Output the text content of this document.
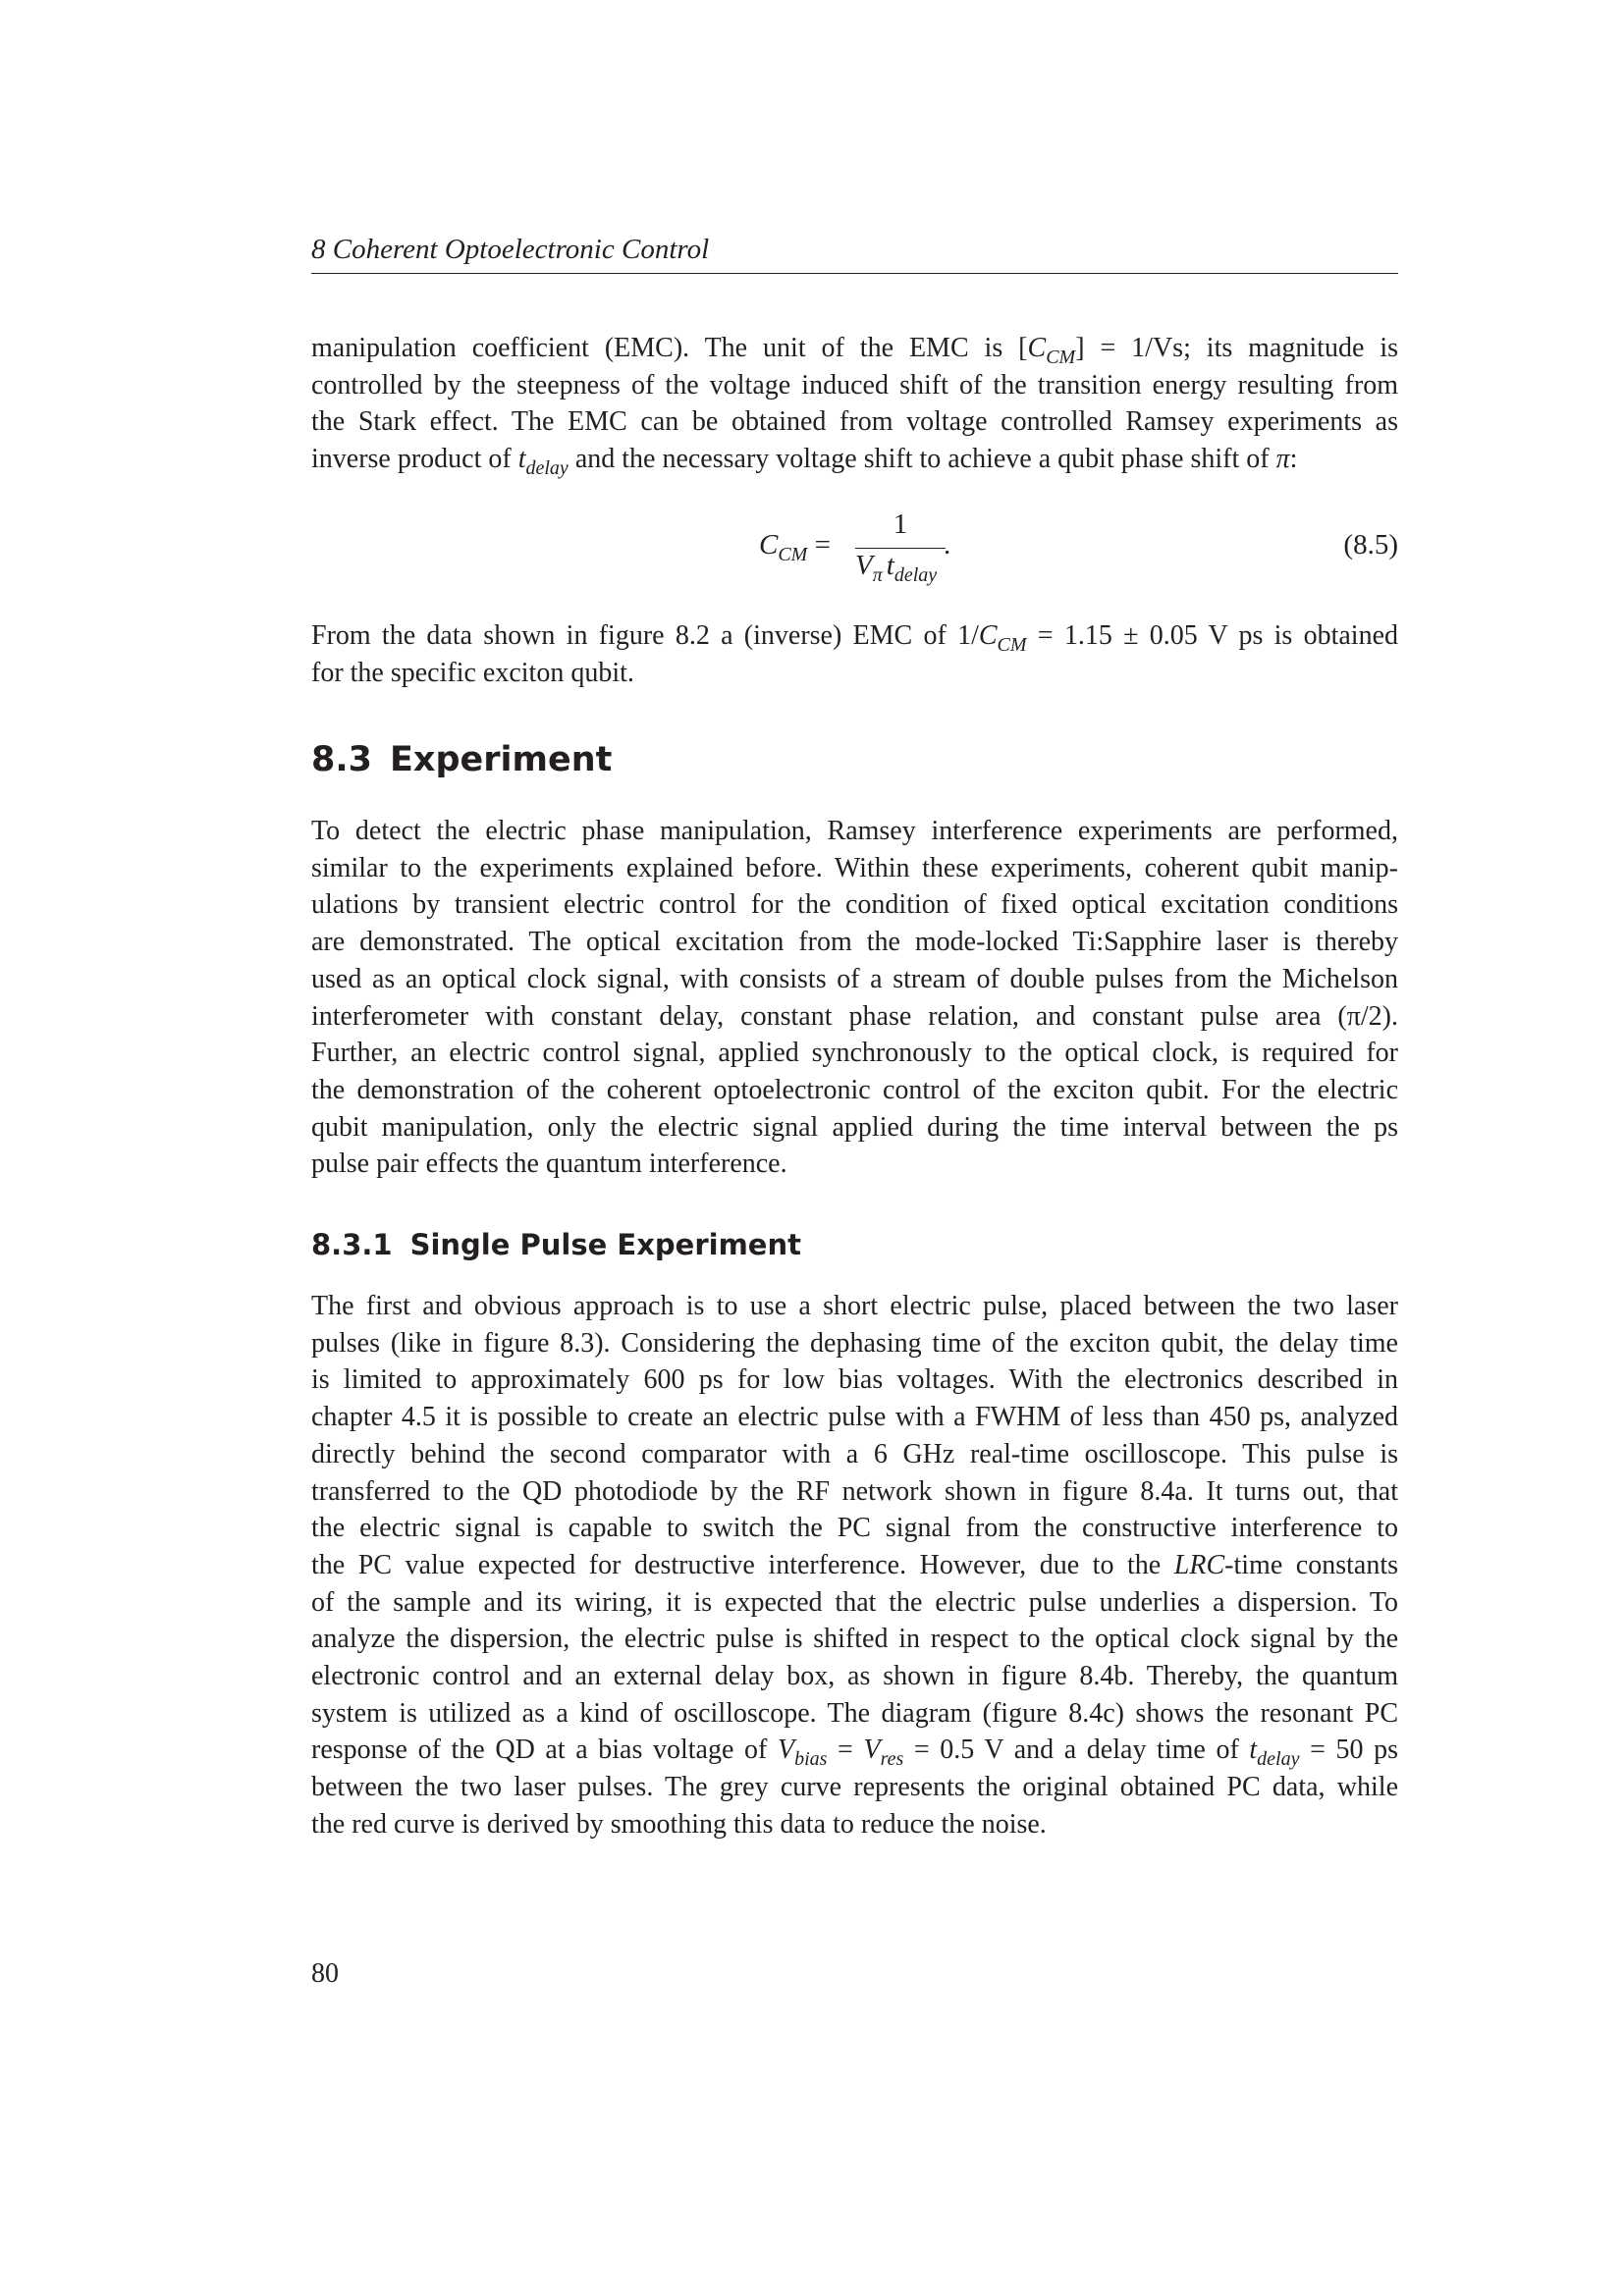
8 Coherent Optoelectronic Control
manipulation coefficient (EMC). The unit of the EMC is $[C_{CM}] = 1/Vs$; its magnitude is
controlled by the steepness of the voltage induced shift of the transition energy resulting from
the Stark effect. The EMC can be obtained from voltage controlled Ramsey experiments as
inverse product of $t_{delay}$ and the necessary voltage shift to achieve a qubit phase shift of π:
$C_{CM}$ =
1
$V_\pi$ $t_{delay}$
.	(8.5)
From the data shown in figure 8.2 a (inverse) EMC of $1/C_{CM} = 1.15 \pm 0.05$ V ps is obtained
for the specific exciton qubit.
8.3 Experiment
To detect the electric phase manipulation, Ramsey interference experiments are performed,
similar to the experiments explained before. Within these experiments, coherent qubit manip-
ulations by transient electric control for the condition of fixed optical excitation conditions
are demonstrated. The optical excitation from the mode-locked Ti:Sapphire laser is thereby
used as an optical clock signal, with consists of a stream of double pulses from the Michelson
interferometer with constant delay, constant phase relation, and constant pulse area (π/2).
Further, an electric control signal, applied synchronously to the optical clock, is required for
the demonstration of the coherent optoelectronic control of the exciton qubit. For the electric
qubit manipulation, only the electric signal applied during the time interval between the ps
pulse pair effects the quantum interference.
8.3.1 Single Pulse Experiment
The first and obvious approach is to use a short electric pulse, placed between the two laser
pulses (like in figure 8.3). Considering the dephasing time of the exciton qubit, the delay time
is limited to approximately 600 ps for low bias voltages. With the electronics described in
chapter 4.5 it is possible to create an electric pulse with a FWHM of less than 450 ps, analyzed
directly behind the second comparator with a 6 GHz real-time oscilloscope. This pulse is
transferred to the QD photodiode by the RF network shown in figure 8.4a. It turns out, that
the electric signal is capable to switch the PC signal from the constructive interference to
the PC value expected for destructive interference. However, due to the LRC-time constants
of the sample and its wiring, it is expected that the electric pulse underlies a dispersion. To
analyze the dispersion, the electric pulse is shifted in respect to the optical clock signal by the
electronic control and an external delay box, as shown in figure 8.4b. Thereby, the quantum
system is utilized as a kind of oscilloscope. The diagram (figure 8.4c) shows the resonant PC
response of the QD at a bias voltage of $V_{bias} = V_{res} = 0.5$ V and a delay time of $t_{delay} = 50$ ps
between the two laser pulses. The grey curve represents the original obtained PC data, while
the red curve is derived by smoothing this data to reduce the noise.
80
